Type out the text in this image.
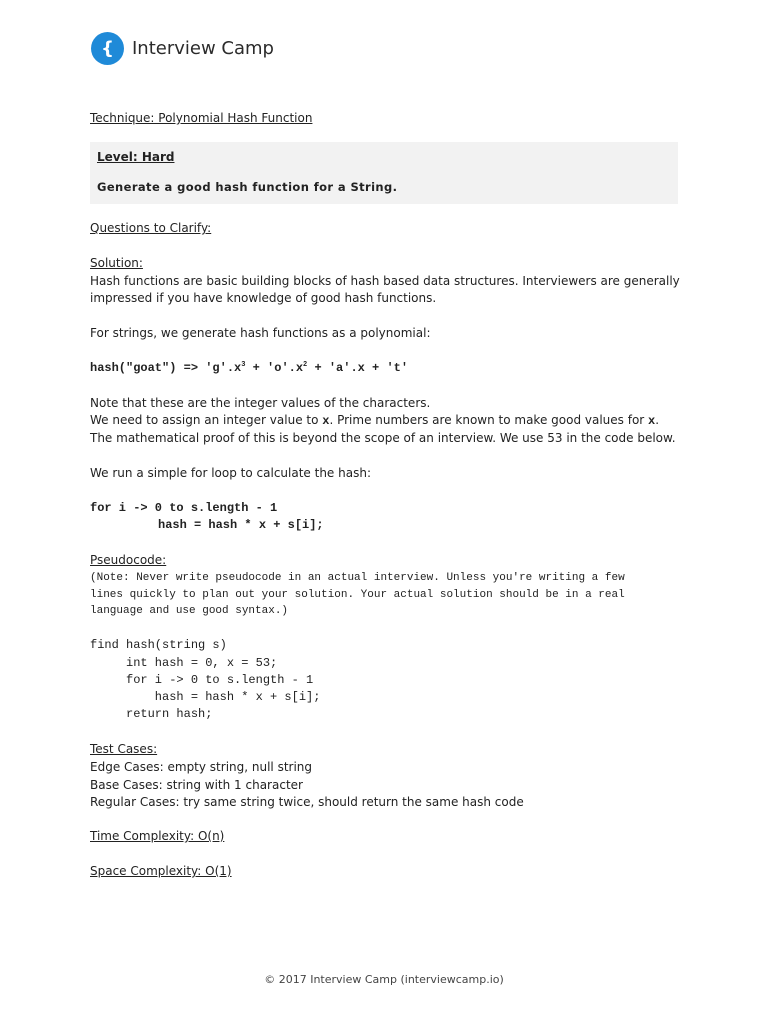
{	Interview Camp
Technique: Polynomial Hash Function
Level: Hard
Generate a good hash function for a String.
Questions to Clarify:
Solution:
Hash functions are basic building blocks of hash based data structures. Interviewers are generally
impressed if you have knowledge of good hash functions.
For strings, we generate hash functions as a polynomial:
hash("goat") => '$g'.x^3$ + '$o'.x^2$ + 'a'.x + 't'
Note that these are the integer values of the characters.
We need to assign an integer value to x. Prime numbers are known to make good values for x.
The mathematical proof of this is beyond the scope of an interview. We use 53 in the code below.
We run a simple for loop to calculate the hash:
for i -> 0 to s.length - 1
hash = hash * x + s[i];
Pseudocode:
(Note: Never write pseudocode in an actual interview. Unless you're writing a few
lines quickly to plan out your solution. Your actual solution should be in a real
language and use good syntax.)
find hash(string s)
int hash = 0, x = 53;
for i -> 0 to s.length - 1
hash = hash * x + s[i];
return hash;
Test Cases:
Edge Cases: empty string, null string
Base Cases: string with 1 character
Regular Cases: try same string twice, should return the same hash code
Time Complexity: O(n)
Space Complexity: O(1)
© 2017 Interview Camp (interviewcamp.io)
